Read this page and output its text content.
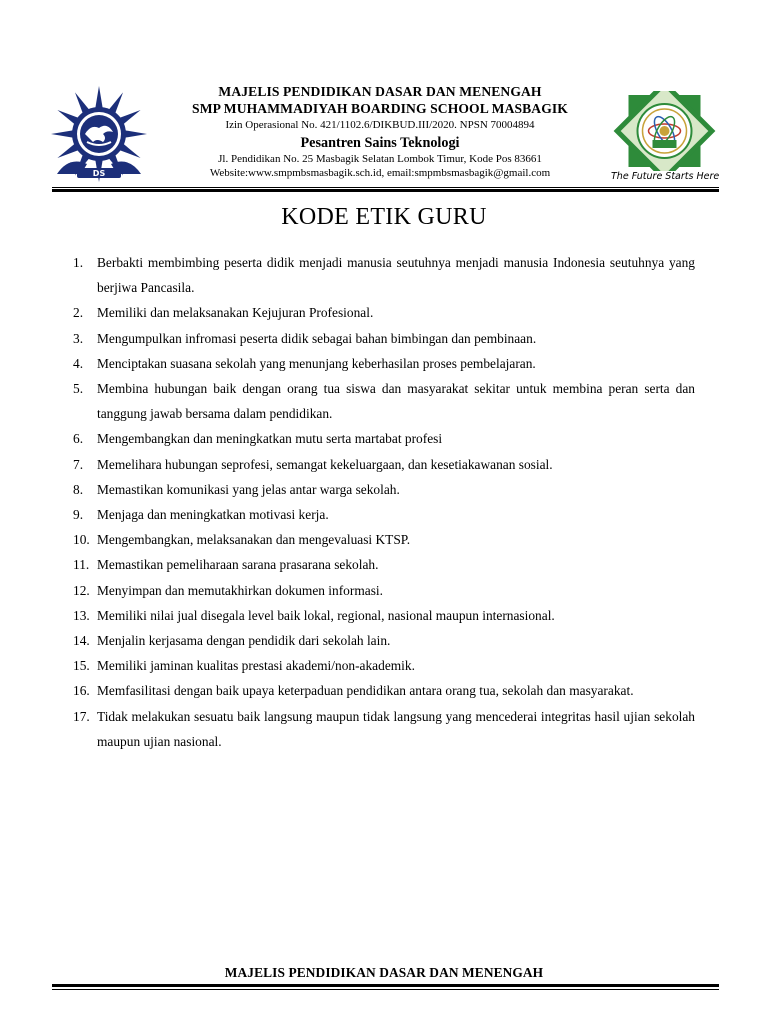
DS	The Future Starts Here
MAJELIS PENDIDIKAN DASAR DAN MENENGAH
SMP MUHAMMADIYAH BOARDING SCHOOL MASBAGIK
Izin Operasional No. 421/1102.6/DIKBUD.III/2020. NPSN 70004894
Pesantren Sains Teknologi
Jl. Pendidikan No. 25 Masbagik Selatan Lombok Timur, Kode Pos 83661
Website:www.smpmbsmasbagik.sch.id, email:smpmbsmasbagik@gmail.com
KODE ETIK GURU
1.	Berbakti membimbing peserta didik menjadi manusia seutuhnya menjadi manusia Indonesia seutuhnya yang berjiwa Pancasila.
2.	Memiliki dan melaksanakan Kejujuran Profesional.
3.	Mengumpulkan infromasi peserta didik sebagai bahan bimbingan dan pembinaan.
4.	Menciptakan suasana sekolah yang menunjang keberhasilan proses pembelajaran.
5.	Membina hubungan baik dengan orang tua siswa dan masyarakat sekitar untuk membina peran serta dan tanggung jawab bersama dalam pendidikan.
6.	Mengembangkan dan meningkatkan mutu serta martabat profesi
7.	Memelihara hubungan seprofesi, semangat kekeluargaan, dan kesetiakawanan sosial.
8.	Memastikan komunikasi yang jelas antar warga sekolah.
9.	Menjaga dan meningkatkan motivasi kerja.
10. Mengembangkan, melaksanakan dan mengevaluasi KTSP.
11. Memastikan pemeliharaan sarana prasarana sekolah.
12. Menyimpan dan memutakhirkan dokumen informasi.
13. Memiliki nilai jual disegala level baik lokal, regional, nasional maupun internasional.
14. Menjalin kerjasama dengan pendidik dari sekolah lain.
15. Memiliki jaminan kualitas prestasi akademi/non-akademik.
16. Memfasilitasi dengan baik upaya keterpaduan pendidikan antara orang tua, sekolah dan masyarakat.
17. Tidak melakukan sesuatu baik langsung maupun tidak langsung yang mencederai integritas hasil ujian sekolah maupun ujian nasional.
MAJELIS PENDIDIKAN DASAR DAN MENENGAH
